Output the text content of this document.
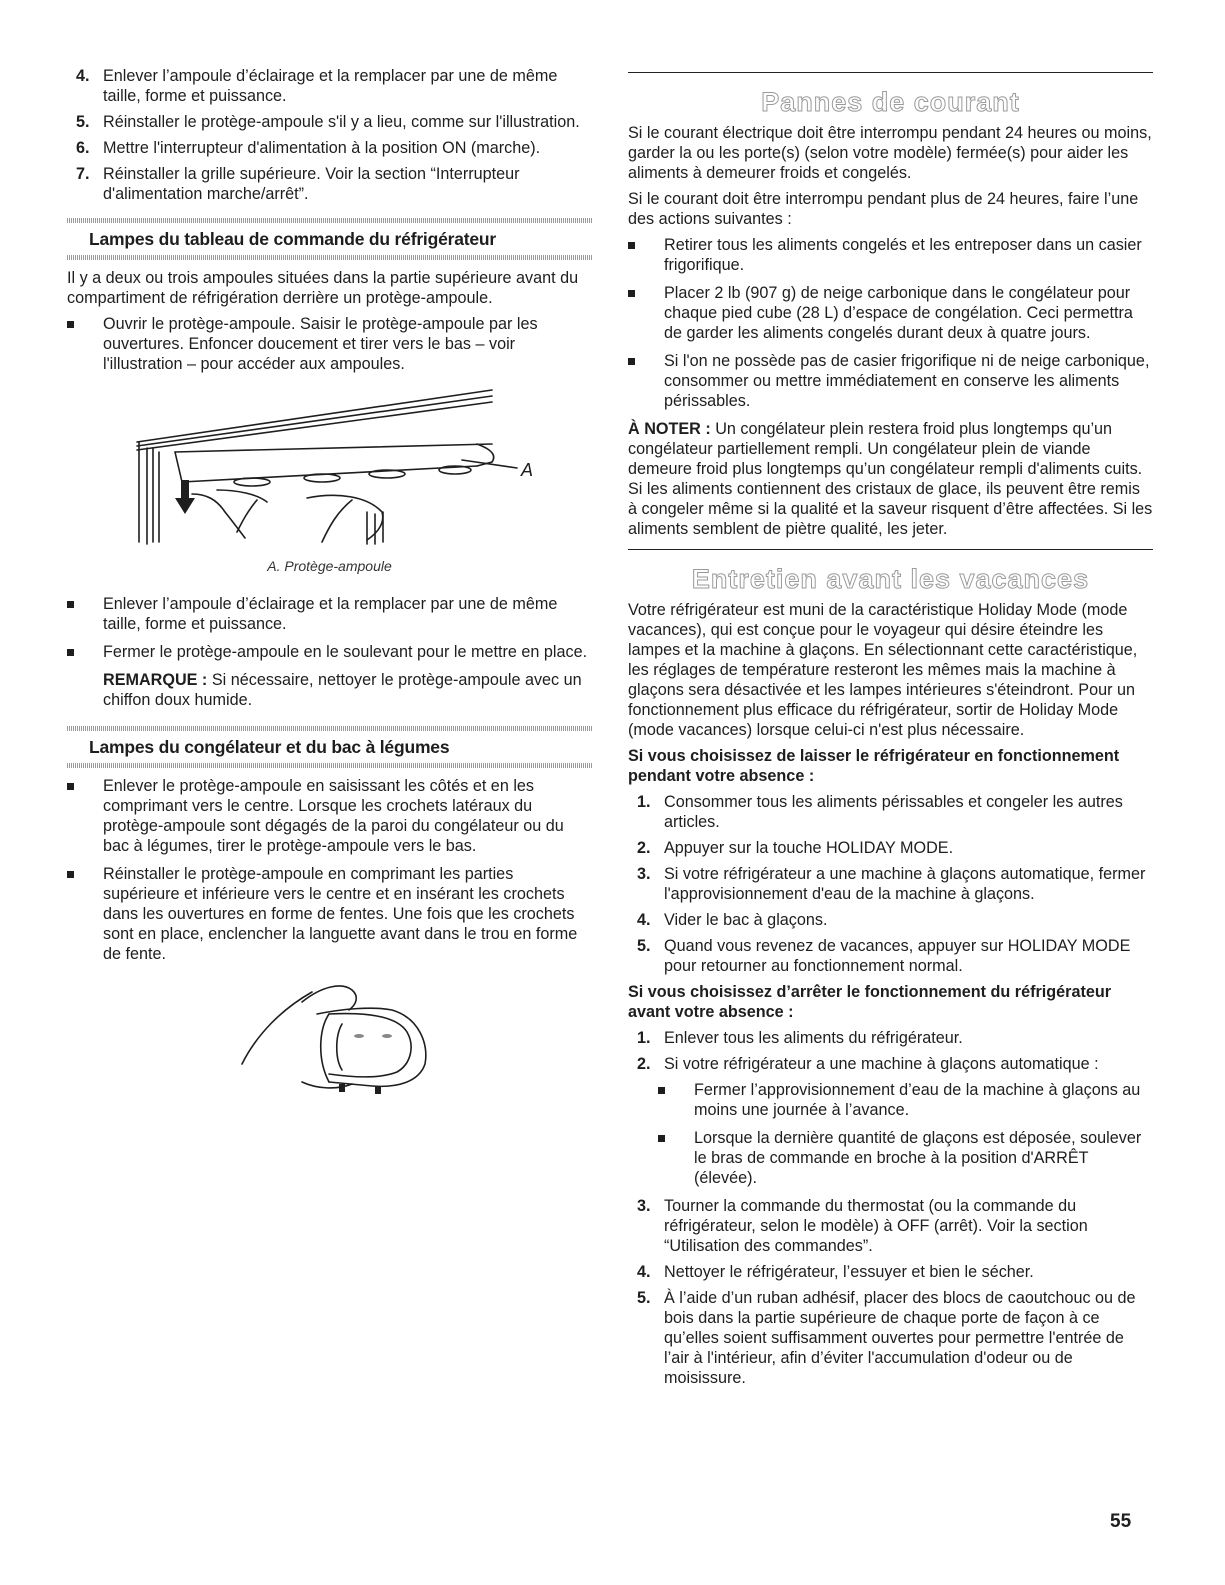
4. Enlever l’ampoule d’éclairage et la remplacer par une de même taille, forme et puissance.
5. Réinstaller le protège-ampoule s'il y a lieu, comme sur l'illustration.
6. Mettre l'interrupteur d'alimentation à la position ON (marche).
7. Réinstaller la grille supérieure. Voir la section “Interrupteur d'alimentation marche/arrêt”.
Lampes du tableau de commande du réfrigérateur

Il y a deux ou trois ampoules situées dans la partie supérieure avant du compartiment de réfrigération derrière un protège-ampoule.

Ouvrir le protège-ampoule. Saisir le protège-ampoule par les ouvertures. Enfoncer doucement et tirer vers le bas – voir l'illustration – pour accéder aux ampoules.
A
A. Protège-ampoule
Enlever l’ampoule d’éclairage et la remplacer par une de même taille, forme et puissance.
Fermer le protège-ampoule en le soulevant pour le mettre en place.

REMARQUE : Si nécessaire, nettoyer le protège-ampoule avec un chiffon doux humide.

Lampes du congélateur et du bac à légumes
Enlever le protège-ampoule en saisissant les côtés et en les comprimant vers le centre. Lorsque les crochets latéraux du protège-ampoule sont dégagés de la paroi du congélateur ou du bac à légumes, tirer le protège-ampoule vers le bas.
Réinstaller le protège-ampoule en comprimant les parties supérieure et inférieure vers le centre et en insérant les crochets dans les ouvertures en forme de fentes. Une fois que les crochets sont en place, enclencher la languette avant dans le trou en forme de fente.
Pannes de courant

Si le courant électrique doit être interrompu pendant 24 heures ou moins, garder la ou les porte(s) (selon votre modèle) fermée(s) pour aider les aliments à demeurer froids et congelés.

Si le courant doit être interrompu pendant plus de 24 heures, faire l’une des actions suivantes :

Retirer tous les aliments congelés et les entreposer dans un casier frigorifique.
Placer 2 lb (907 g) de neige carbonique dans le congélateur pour chaque pied cube (28 L) d’espace de congélation. Ceci permettra de garder les aliments congelés durant deux à quatre jours.
Si l'on ne possède pas de casier frigorifique ni de neige carbonique, consommer ou mettre immédiatement en conserve les aliments périssables.

À NOTER : Un congélateur plein restera froid plus longtemps qu’un congélateur partiellement rempli. Un congélateur plein de viande demeure froid plus longtemps qu’un congélateur rempli d'aliments cuits. Si les aliments contiennent des cristaux de glace, ils peuvent être remis à congeler même si la qualité et la saveur risquent d’être affectées. Si les aliments semblent de piètre qualité, les jeter.

Entretien avant les vacances

Votre réfrigérateur est muni de la caractéristique Holiday Mode (mode vacances), qui est conçue pour le voyageur qui désire éteindre les lampes et la machine à glaçons. En sélectionnant cette caractéristique, les réglages de température resteront les mêmes mais la machine à glaçons sera désactivée et les lampes intérieures s'éteindront. Pour un fonctionnement plus efficace du réfrigérateur, sortir de Holiday Mode (mode vacances) lorsque celui-ci n'est plus nécessaire.

Si vous choisissez de laisser le réfrigérateur en fonctionnement pendant votre absence :

1. Consommer tous les aliments périssables et congeler les autres articles.
2. Appuyer sur la touche HOLIDAY MODE.
3. Si votre réfrigérateur a une machine à glaçons automatique, fermer l'approvisionnement d'eau de la machine à glaçons.
4. Vider le bac à glaçons.
5. Quand vous revenez de vacances, appuyer sur HOLIDAY MODE pour retourner au fonctionnement normal.

Si vous choisissez d’arrêter le fonctionnement du réfrigérateur avant votre absence :

1. Enlever tous les aliments du réfrigérateur.
2. Si votre réfrigérateur a une machine à glaçons automatique :
Fermer l’approvisionnement d’eau de la machine à glaçons au moins une journée à l’avance.
Lorsque la dernière quantité de glaçons est déposée, soulever le bras de commande en broche à la position d'ARRÊT (élevée).
3. Tourner la commande du thermostat (ou la commande du réfrigérateur, selon le modèle) à OFF (arrêt). Voir la section “Utilisation des commandes”.
4. Nettoyer le réfrigérateur, l’essuyer et bien le sécher.
5. À l’aide d’un ruban adhésif, placer des blocs de caoutchouc ou de bois dans la partie supérieure de chaque porte de façon à ce qu’elles soient suffisamment ouvertes pour permettre l'entrée de l’air à l'intérieur, afin d’éviter l'accumulation d'odeur ou de moisissure.
55
